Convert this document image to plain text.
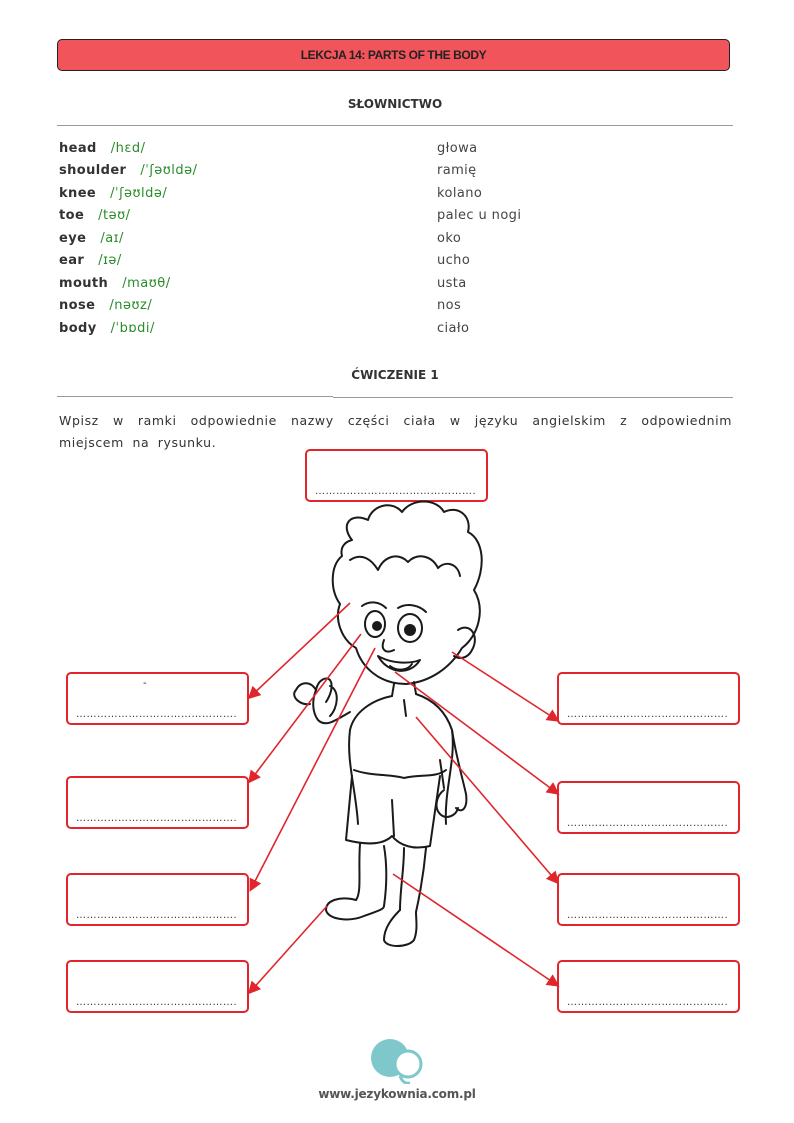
LEKCJA 14: PARTS OF THE BODY
SŁOWNICTWO
head /hɛd/	głowa
shoulder /ˈʃəʊldə/	ramię
knee /ˈʃəʊldə/	kolano
toe /təʊ/	palec u nogi
eye /aɪ/	oko
ear /ɪə/	ucho
mouth /maʊθ/	usta
nose /nəʊz/	nos
body /ˈbɒdi/	ciało
ĆWICZENIE 1
Wpisz w ramki odpowiednie nazwy części ciała w języku angielskim z odpowiednim miejscem na rysunku.
……………………………………….
-
……………………………………….
……………………………………….
……………………………………….
……………………………………….
……………………………………….
……………………………………….
……………………………………….
……………………………………….
www.jezykownia.com.pl
